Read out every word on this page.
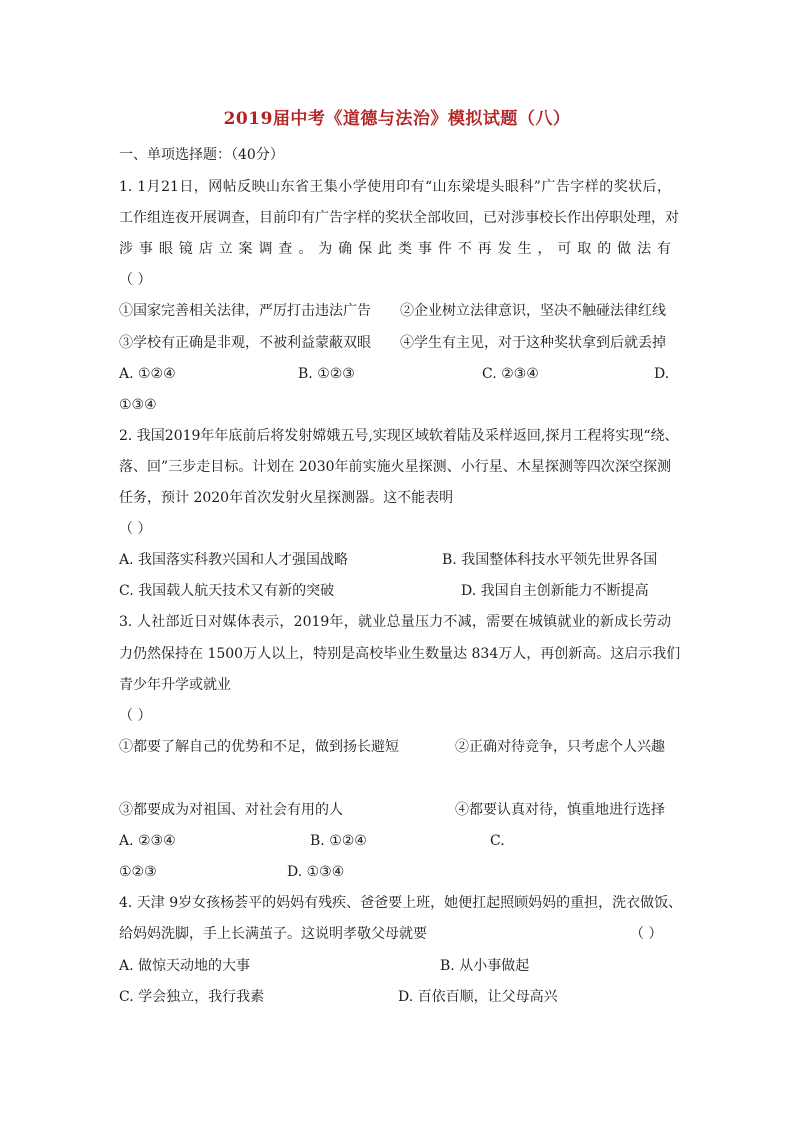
2019届中考《道德与法治》模拟试题（八）
一、单项选择题：（40分）
1. 1月21日，网帖反映山东省王集小学使用印有“山东梁堤头眼科”广告字样的奖状后，
工作组连夜开展调查，目前印有广告字样的奖状全部收回，已对涉事校长作出停职处理，对
涉事眼镜店立案调查。为确保此类事件不再发生，可取的做法有
（ ）
①国家完善相关法律，严厉打击违法广告 ②企业树立法律意识，坚决不触碰法律红线
③学校有正确是非观，不被利益蒙蔽双眼 ④学生有主见，对于这种奖状拿到后就丢掉
A. ①②④	B. ①②③	C. ②③④	D.
①③④
2. 我国2019年年底前后将发射嫦娥五号,实现区域软着陆及采样返回,探月工程将实现“绕、
落、回”三步走目标。计划在 2030年前实施火星探测、小行星、木星探测等四次深空探测
任务，预计 2020年首次发射火星探测器。这不能表明
（ ）
A. 我国落实科教兴国和人才强国战略	B. 我国整体科技水平领先世界各国
C. 我国载人航天技术又有新的突破	D. 我国自主创新能力不断提高
3. 人社部近日对媒体表示，2019年，就业总量压力不减，需要在城镇就业的新成长劳动
力仍然保持在 1500万人以上，特别是高校毕业生数量达 834万人，再创新高。这启示我们
青少年升学或就业
（ ）
①都要了解自己的优势和不足，做到扬长避短	②正确对待竞争，只考虑个人兴趣
③都要成为对祖国、对社会有用的人	④都要认真对待，慎重地进行选择
A. ②③④	B. ①②④	C.
①②③	D. ①③④
4. 天津 9岁女孩杨荟平的妈妈有残疾、爸爸要上班，她便扛起照顾妈妈的重担，洗衣做饭、
给妈妈洗脚，手上长满茧子。这说明孝敬父母就要	（ ）
A. 做惊天动地的大事	B. 从小事做起
C. 学会独立，我行我素	D. 百依百顺，让父母高兴
